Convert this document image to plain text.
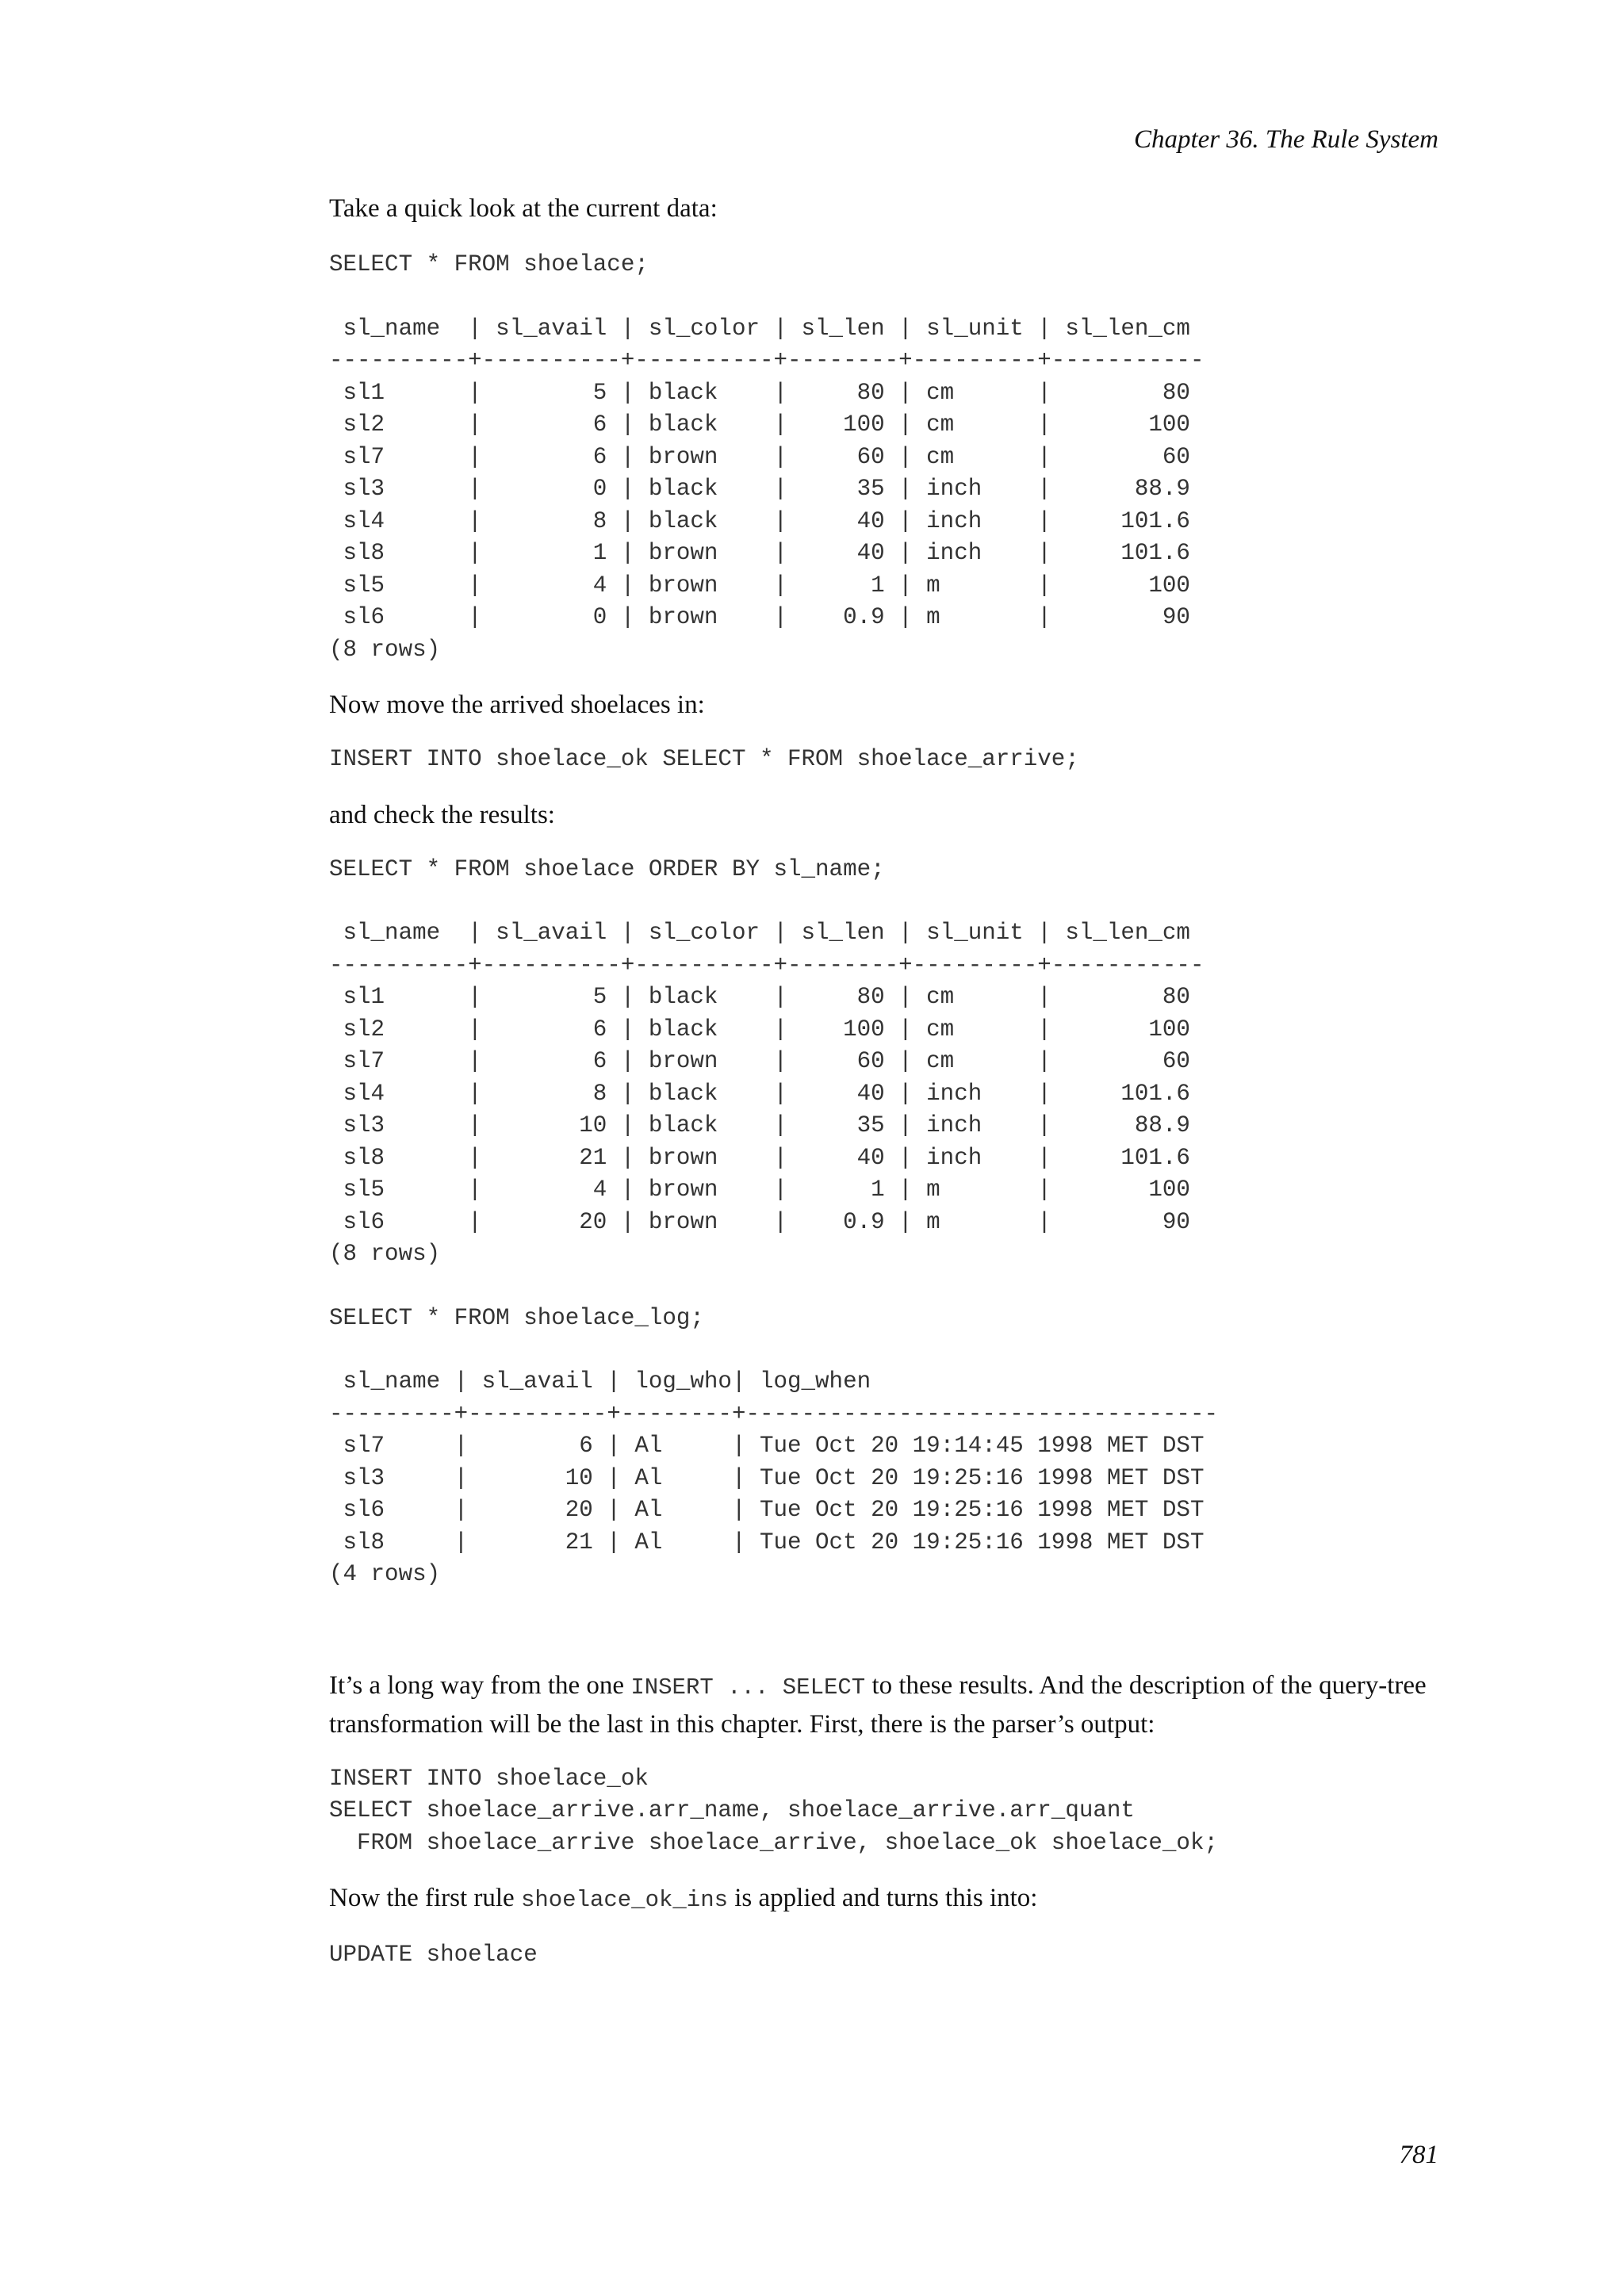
Chapter 36. The Rule System

Take a quick look at the current data:

SELECT * FROM shoelace;
sl_name  | sl_avail | sl_color | sl_len | sl_unit | sl_len_cm
----------+----------+----------+--------+---------+-----------
sl1      |        5 | black    |     80 | cm      |        80
sl2      |        6 | black    |    100 | cm      |       100
sl7      |        6 | brown    |     60 | cm      |        60
sl3      |        0 | black    |     35 | inch    |      88.9
sl4      |        8 | black    |     40 | inch    |     101.6
sl8      |        1 | brown    |     40 | inch    |     101.6
sl5      |        4 | brown    |      1 | m       |       100
sl6      |        0 | brown    |    0.9 | m       |        90
(8 rows)

Now move the arrived shoelaces in:

INSERT INTO shoelace_ok SELECT * FROM shoelace_arrive;

and check the results:

SELECT * FROM shoelace ORDER BY sl_name;
sl_name  | sl_avail | sl_color | sl_len | sl_unit | sl_len_cm
----------+----------+----------+--------+---------+-----------
sl1      |        5 | black    |     80 | cm      |        80
sl2      |        6 | black    |    100 | cm      |       100
sl7      |        6 | brown    |     60 | cm      |        60
sl4      |        8 | black    |     40 | inch    |     101.6
sl3      |       10 | black    |     35 | inch    |      88.9
sl8      |       21 | brown    |     40 | inch    |     101.6
sl5      |        4 | brown    |      1 | m       |       100
sl6      |       20 | brown    |    0.9 | m       |        90
(8 rows)
SELECT * FROM shoelace_log;
sl_name | sl_avail | log_who| log_when
---------+----------+--------+----------------------------------
sl7     |        6 | Al     | Tue Oct 20 19:14:45 1998 MET DST
sl3     |       10 | Al     | Tue Oct 20 19:25:16 1998 MET DST
sl6     |       20 | Al     | Tue Oct 20 19:25:16 1998 MET DST
sl8     |       21 | Al     | Tue Oct 20 19:25:16 1998 MET DST
(4 rows)

It’s a long way from the one INSERT ... SELECT to these results. And the description of the query-tree transformation will be the last in this chapter. First, there is the parser’s output:

INSERT INTO shoelace_ok
SELECT shoelace_arrive.arr_name, shoelace_arrive.arr_quant
FROM shoelace_arrive shoelace_arrive, shoelace_ok shoelace_ok;

Now the first rule shoelace_ok_ins is applied and turns this into:

UPDATE shoelace
781
